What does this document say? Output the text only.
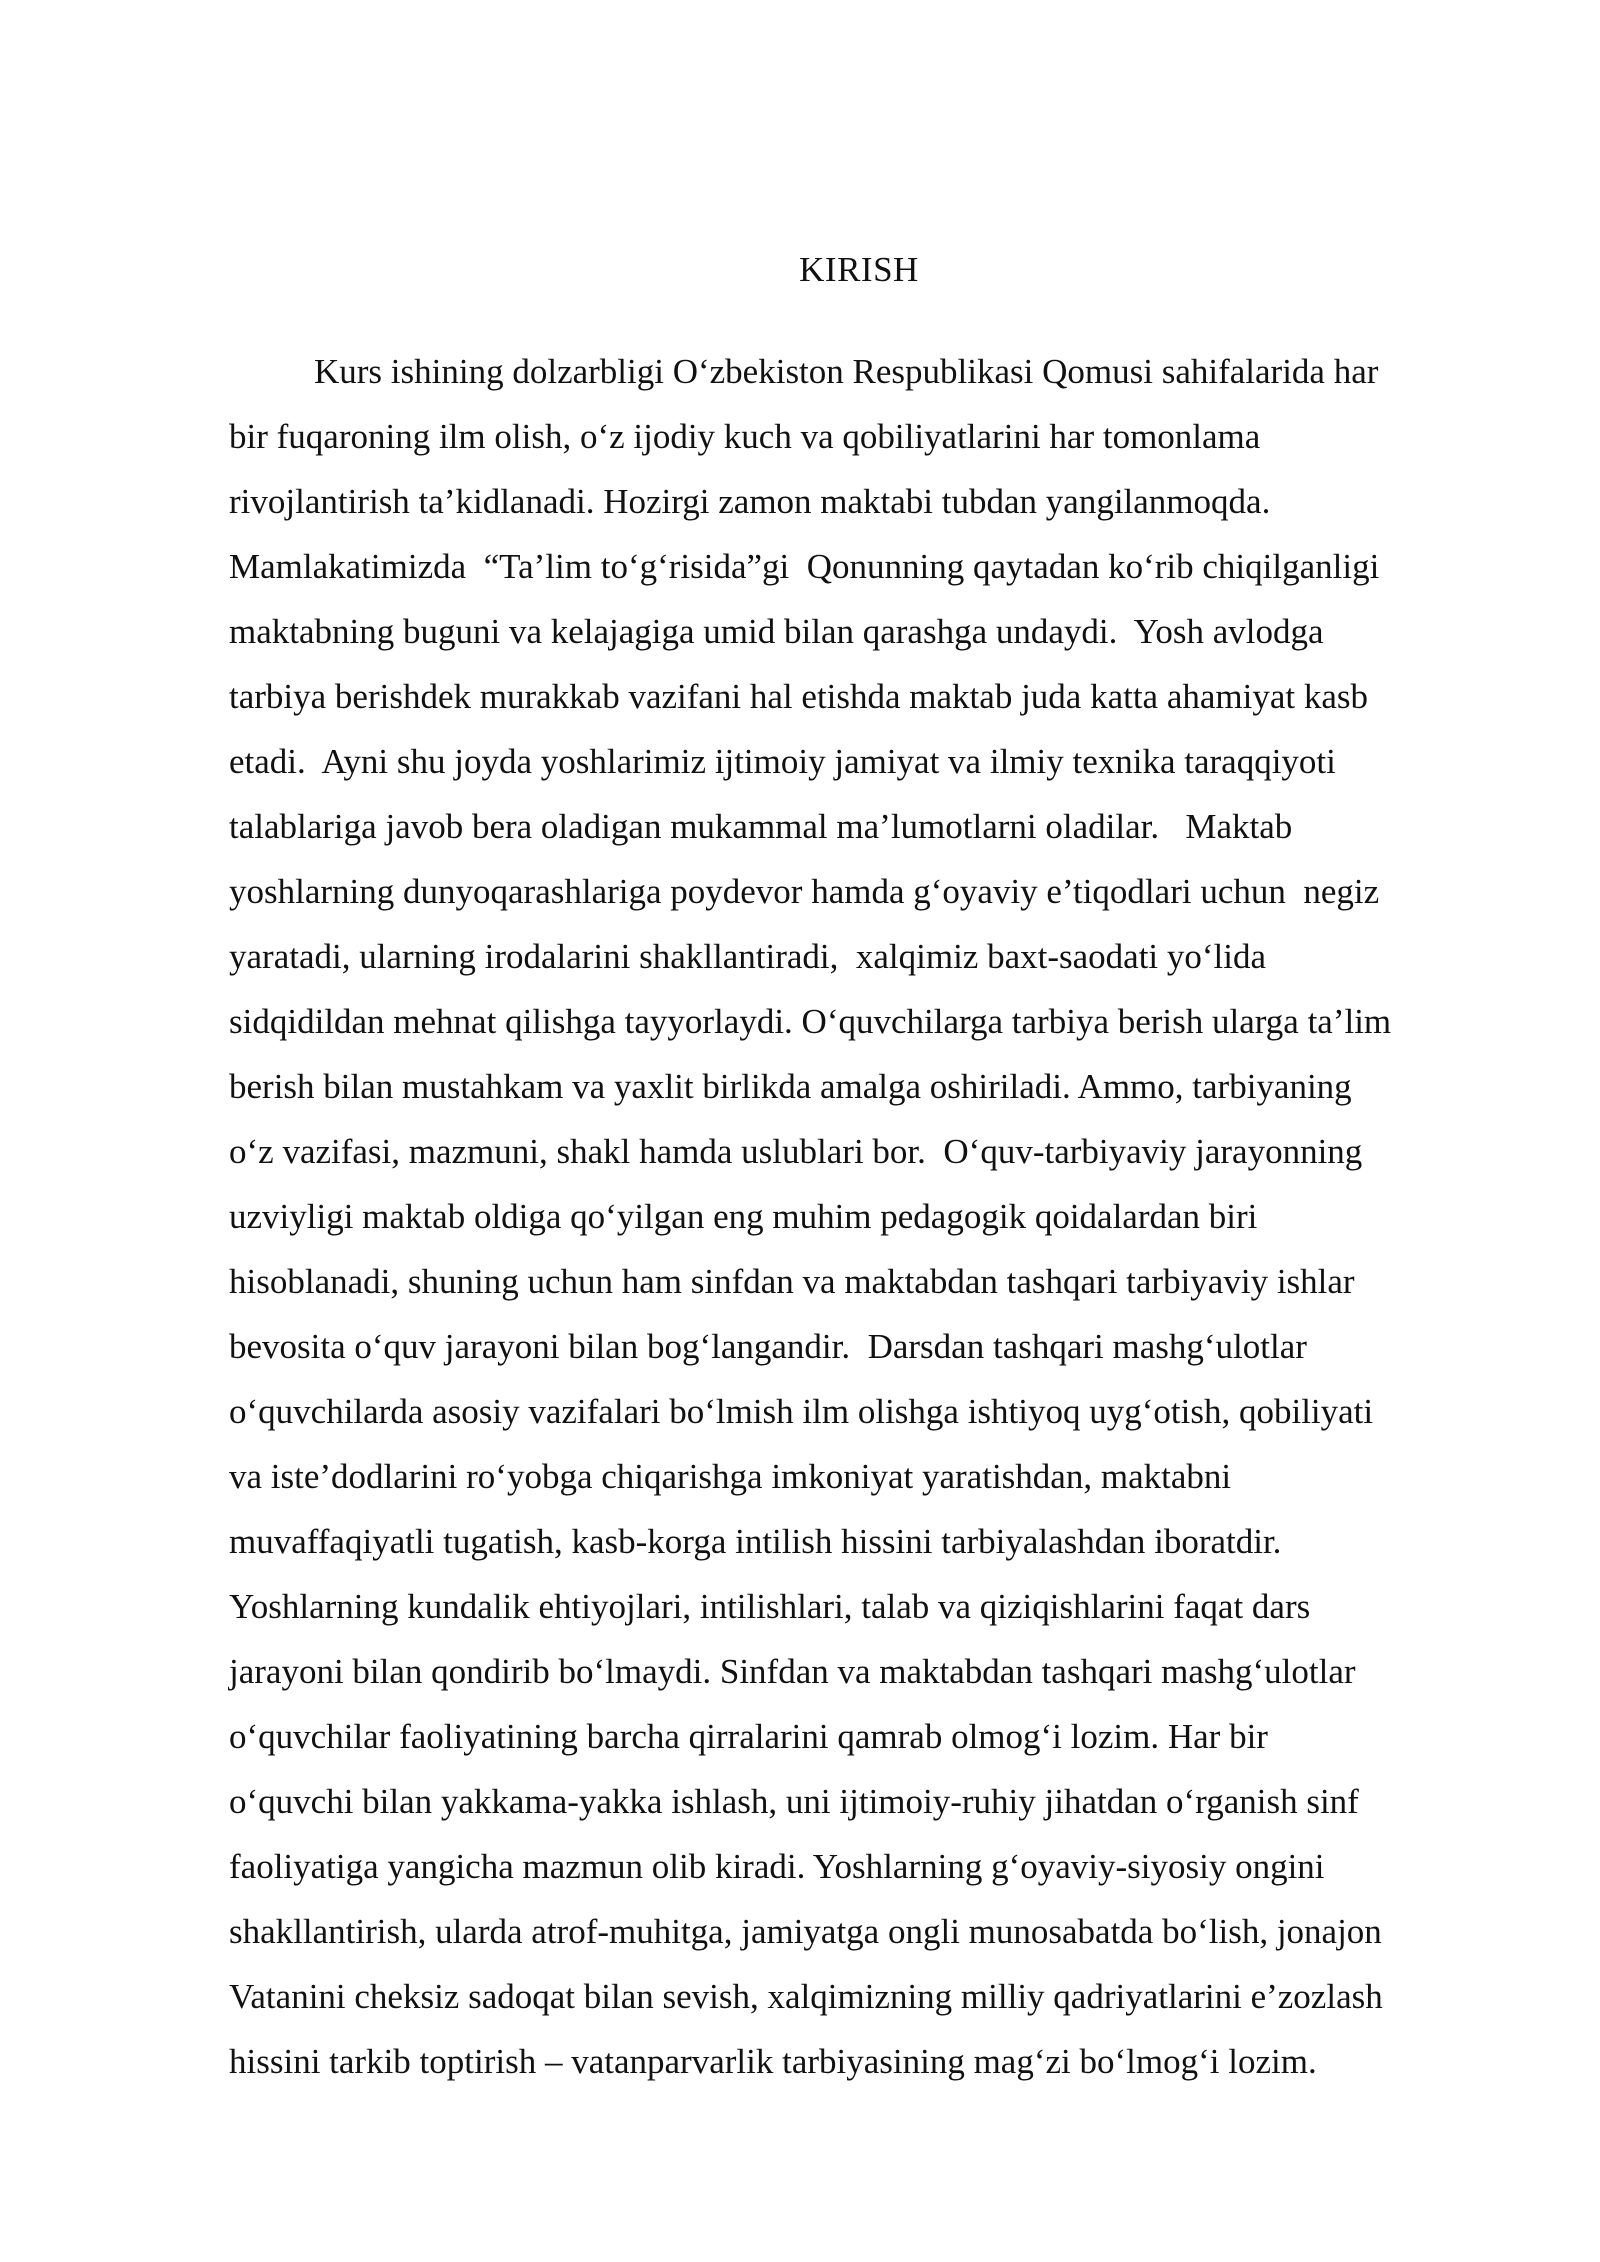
KIRISH
Kurs ishining dolzarbligi O‘zbekiston Respublikasi Qomusi sahifalarida har
bir fuqaroning ilm olish, o‘z ijodiy kuch va qobiliyatlarini har tomonlama
rivojlantirish ta’kidlanadi. Hozirgi zamon maktabi tubdan yangilanmoqda.
Mamlakatimizda  “Ta’lim to‘g‘risida”gi  Qonunning qaytadan ko‘rib chiqilganligi
maktabning buguni va kelajagiga umid bilan qarashga undaydi.  Yosh avlodga
tarbiya berishdek murakkab vazifani hal etishda maktab juda katta ahamiyat kasb
etadi.  Ayni shu joyda yoshlarimiz ijtimoiy jamiyat va ilmiy texnika taraqqiyoti
talablariga javob bera oladigan mukammal ma’lumotlarni oladilar.   Maktab
yoshlarning dunyoqarashlariga poydevor hamda g‘oyaviy e’tiqodlari uchun  negiz
yaratadi, ularning irodalarini shakllantiradi,  xalqimiz baxt-saodati yo‘lida
sidqidildan mehnat qilishga tayyorlaydi. O‘quvchilarga tarbiya berish ularga ta’lim
berish bilan mustahkam va yaxlit birlikda amalga oshiriladi. Ammo, tarbiyaning
o‘z vazifasi, mazmuni, shakl hamda uslublari bor.  O‘quv-tarbiyaviy jarayonning
uzviyligi maktab oldiga qo‘yilgan eng muhim pedagogik qoidalardan biri
hisoblanadi, shuning uchun ham sinfdan va maktabdan tashqari tarbiyaviy ishlar
bevosita o‘quv jarayoni bilan bog‘langandir.  Darsdan tashqari mashg‘ulotlar
o‘quvchilarda asosiy vazifalari bo‘lmish ilm olishga ishtiyoq uyg‘otish, qobiliyati
va iste’dodlarini ro‘yobga chiqarishga imkoniyat yaratishdan, maktabni
muvaffaqiyatli tugatish, kasb-korga intilish hissini tarbiyalashdan iboratdir.
Yoshlarning kundalik ehtiyojlari, intilishlari, talab va qiziqishlarini faqat dars
jarayoni bilan qondirib bo‘lmaydi. Sinfdan va maktabdan tashqari mashg‘ulotlar
o‘quvchilar faoliyatining barcha qirralarini qamrab olmog‘i lozim. Har bir
o‘quvchi bilan yakkama-yakka ishlash, uni ijtimoiy-ruhiy jihatdan o‘rganish sinf
faoliyatiga yangicha mazmun olib kiradi. Yoshlarning g‘oyaviy-siyosiy ongini
shakllantirish, ularda atrof-muhitga, jamiyatga ongli munosabatda bo‘lish, jonajon
Vatanini cheksiz sadoqat bilan sevish, xalqimizning milliy qadriyatlarini e’zozlash
hissini tarkib toptirish – vatanparvarlik tarbiyasining mag‘zi bo‘lmog‘i lozim.
